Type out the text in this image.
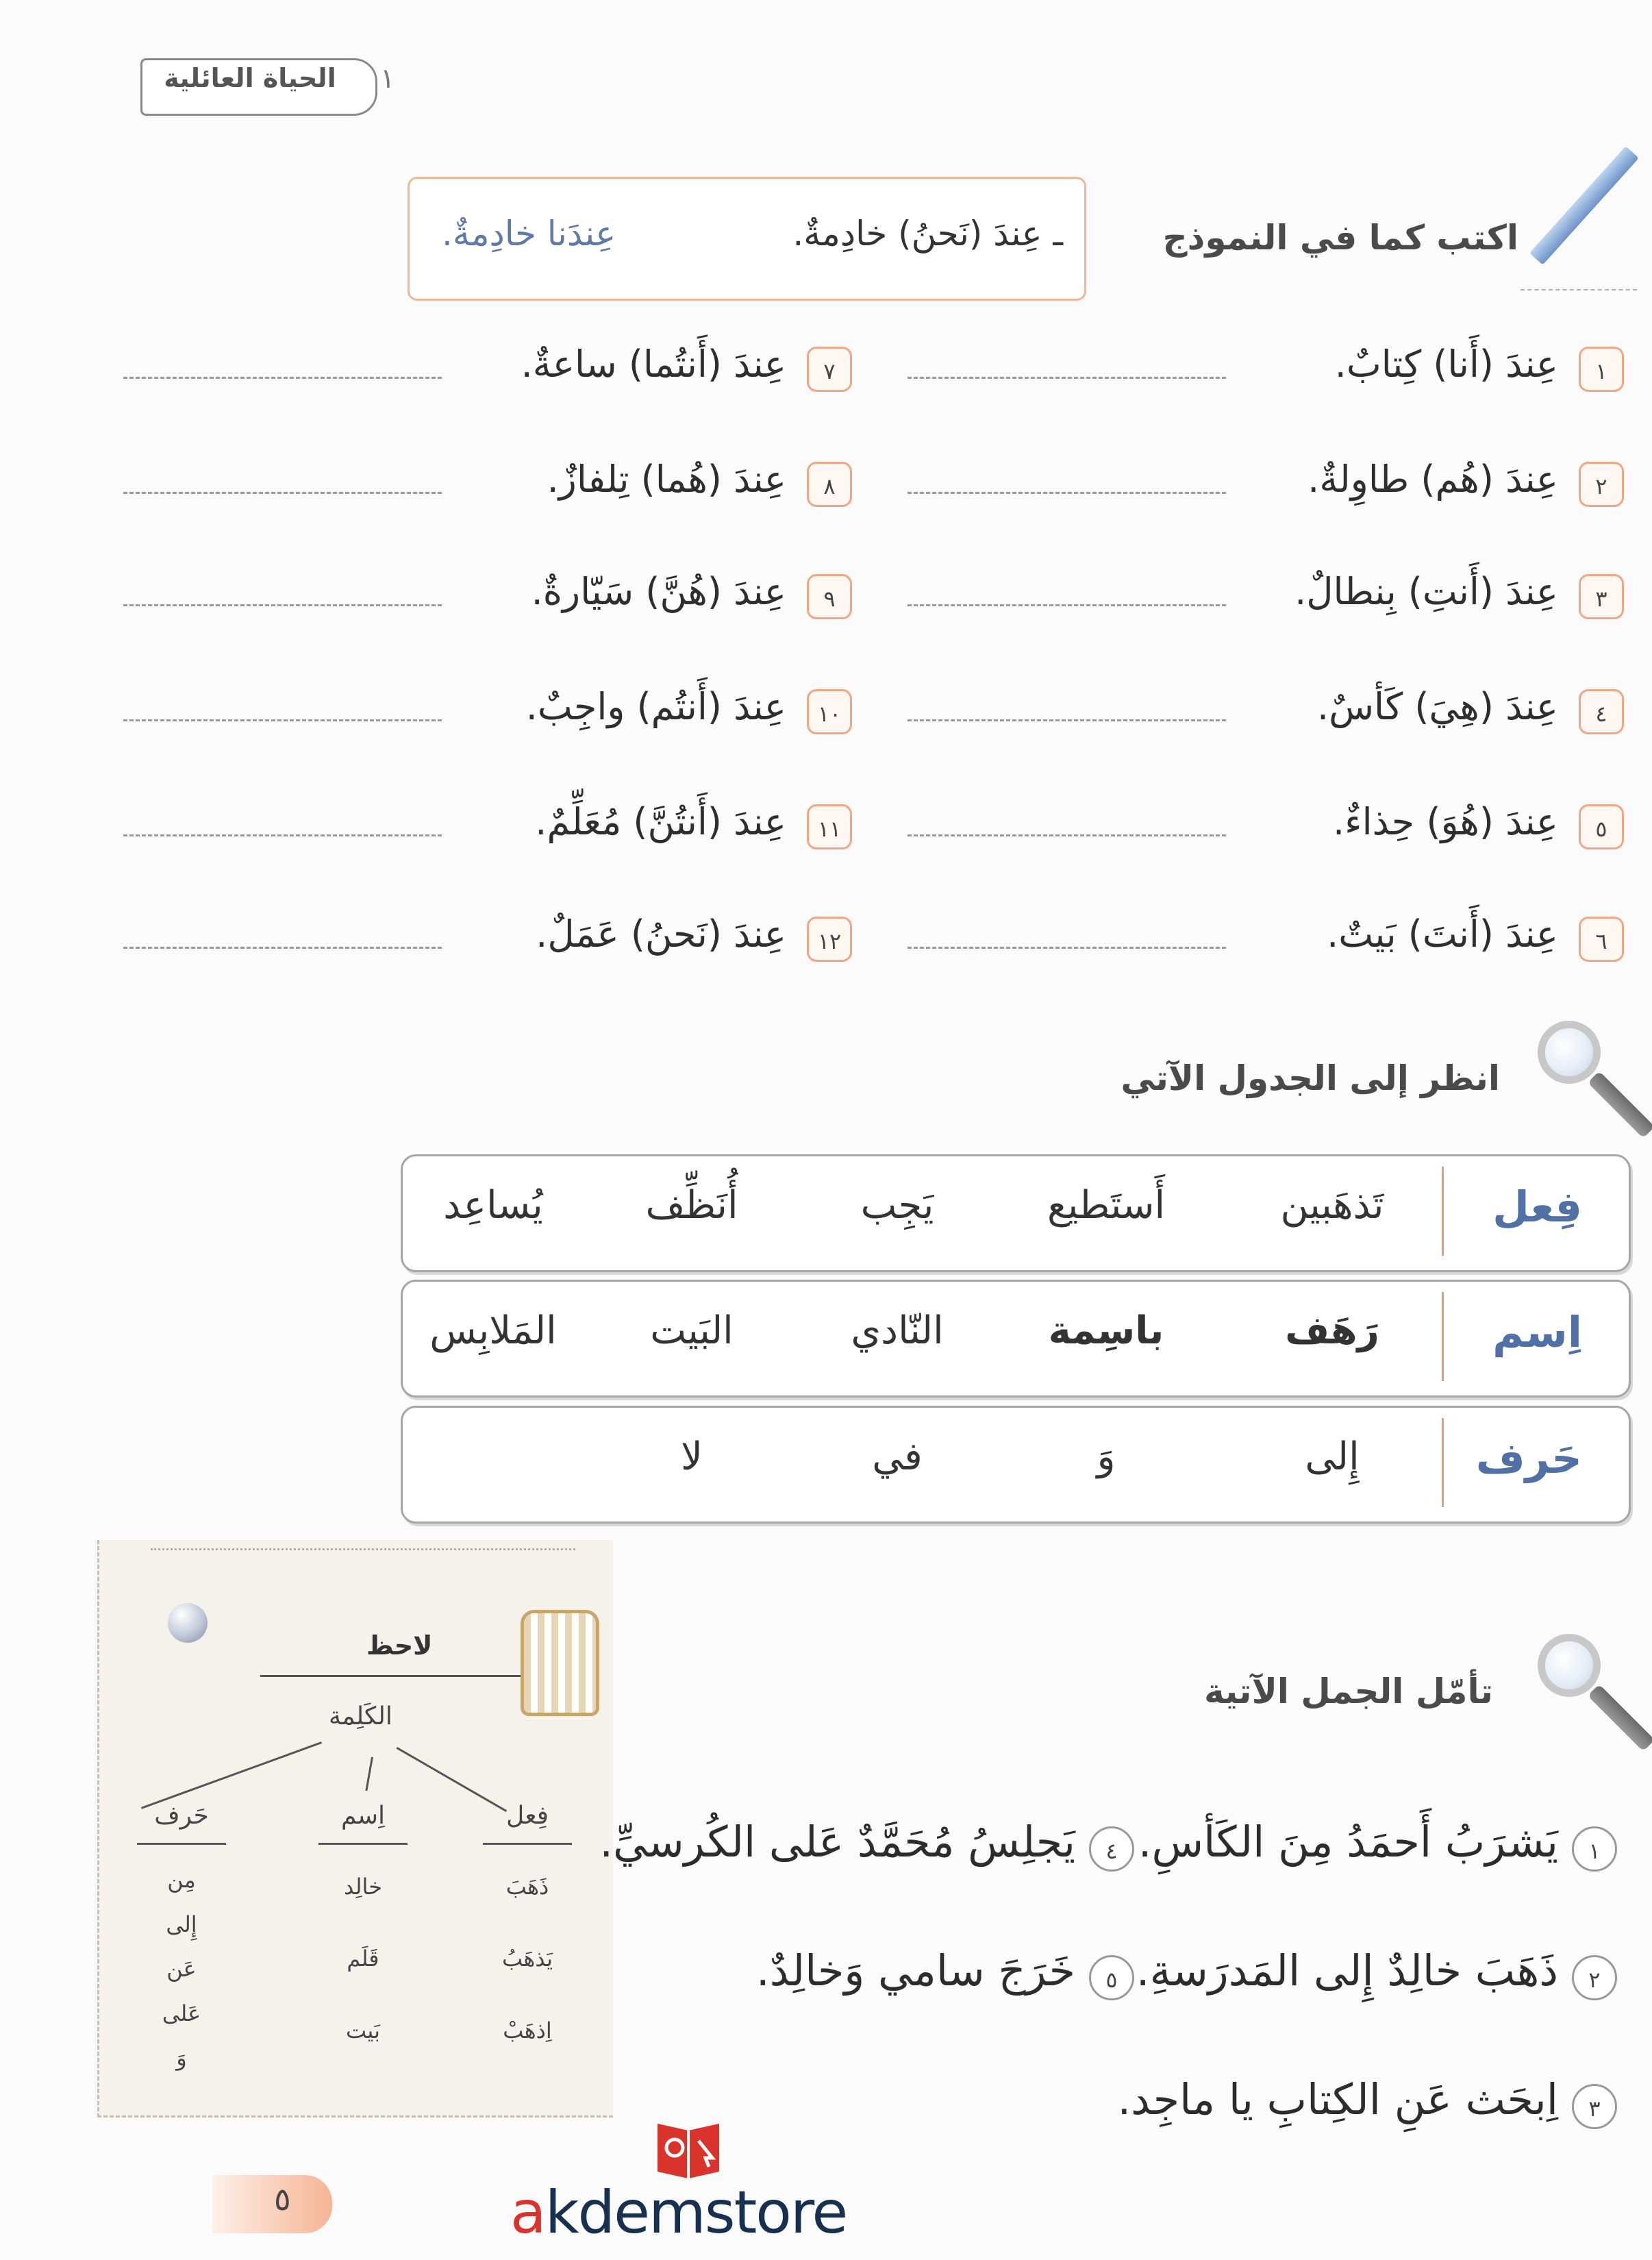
الحياة العائلية	١
اكتب كما في النموذج
ـ عِندَ (نَحنُ) خادِمةٌ.
عِندَنا خادِمةٌ.
١
عِندَ (أَنا) كِتابٌ.
٢
عِندَ (هُم) طاوِلةٌ.
٣
عِندَ (أَنتِ) بِنطالٌ.
٤
عِندَ (هِيَ) كَأسٌ.
٥
عِندَ (هُوَ) حِذاءٌ.
٦
عِندَ (أَنتَ) بَيتٌ.
٧
عِندَ (أَنتُما) ساعةٌ.
٨
عِندَ (هُما) تِلفازٌ.
٩
عِندَ (هُنَّ) سَيّارةٌ.
١٠
عِندَ (أَنتُم) واجِبٌ.
١١
عِندَ (أَنتُنَّ) مُعَلِّمٌ.
١٢
عِندَ (نَحنُ) عَمَلٌ.
انظر إلى الجدول الآتي
فِعل
تَذهَبين
أَستَطيع
يَجِب
أُنَظِّف
يُساعِد
اِسم
رَهَف
باسِمة
النّادي
البَيت
المَلابِس
حَرف
إِلى
وَ
في
لا
لاحظ
الكَلِمة
فِعل
ذَهَبَ
يَذهَبُ
اِذهَبْ
اِسم
خالِد
قَلَم
بَيت
حَرف
مِن
إِلى
عَن
عَلى
وَ
تأمّل الجمل الآتية
١
يَشرَبُ أَحمَدُ مِنَ الكَأسِ.
٢
ذَهَبَ خالِدٌ إِلى المَدرَسةِ.
٣
اِبحَث عَنِ الكِتابِ يا ماجِد.
٤
يَجلِسُ مُحَمَّدٌ عَلى الكُرسيِّ.
٥
خَرَجَ سامي وَخالِدٌ.
٥	akdemstore
